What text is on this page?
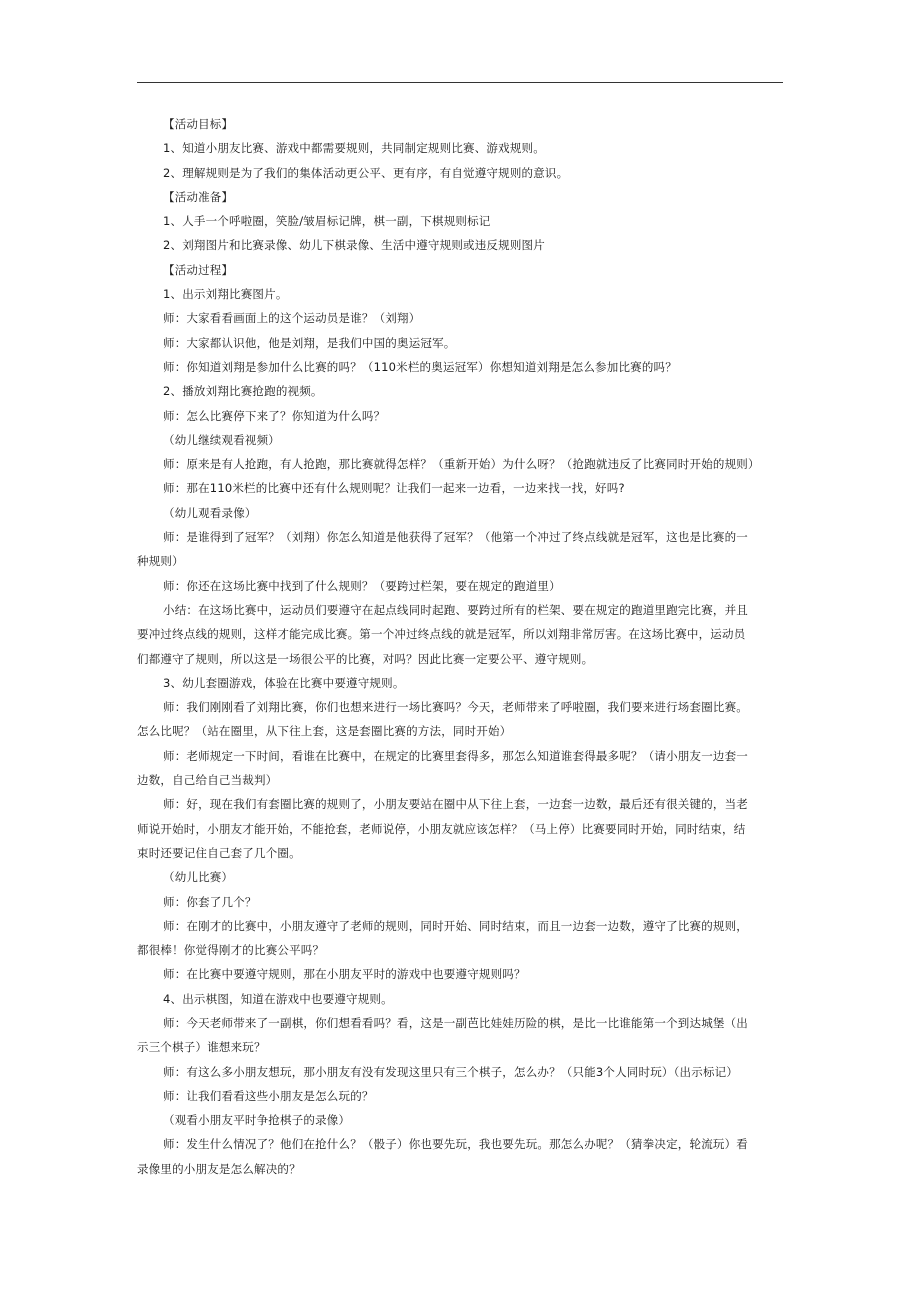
【活动目标】
1、知道小朋友比赛、游戏中都需要规则，共同制定规则比赛、游戏规则。
2、理解规则是为了我们的集体活动更公平、更有序，有自觉遵守规则的意识。
【活动准备】
1、人手一个呼啦圈，笑脸/皱眉标记牌，棋一副，下棋规则标记
2、刘翔图片和比赛录像、幼儿下棋录像、生活中遵守规则或违反规则图片
【活动过程】
1、出示刘翔比赛图片。
师：大家看看画面上的这个运动员是谁？（刘翔）
师：大家都认识他，他是刘翔，是我们中国的奥运冠军。
师：你知道刘翔是参加什么比赛的吗？（110米栏的奥运冠军）你想知道刘翔是怎么参加比赛的吗？
2、播放刘翔比赛抢跑的视频。
师：怎么比赛停下来了？你知道为什么吗？
（幼儿继续观看视频）
师：原来是有人抢跑，有人抢跑，那比赛就得怎样？（重新开始）为什么呀？（抢跑就违反了比赛同时开始的规则）
师：那在110米栏的比赛中还有什么规则呢？让我们一起来一边看，一边来找一找，好吗?
（幼儿观看录像）
师：是谁得到了冠军？（刘翔）你怎么知道是他获得了冠军？（他第一个冲过了终点线就是冠军，这也是比赛的一
种规则）
师：你还在这场比赛中找到了什么规则？（要跨过栏架，要在规定的跑道里）
小结：在这场比赛中，运动员们要遵守在起点线同时起跑、要跨过所有的栏架、要在规定的跑道里跑完比赛，并且
要冲过终点线的规则，这样才能完成比赛。第一个冲过终点线的就是冠军，所以刘翔非常厉害。在这场比赛中，运动员
们都遵守了规则，所以这是一场很公平的比赛，对吗？因此比赛一定要公平、遵守规则。
3、幼儿套圈游戏，体验在比赛中要遵守规则。
师：我们刚刚看了刘翔比赛，你们也想来进行一场比赛吗？今天，老师带来了呼啦圈，我们要来进行场套圈比赛。
怎么比呢？（站在圈里，从下往上套，这是套圈比赛的方法，同时开始）
师：老师规定一下时间，看谁在比赛中，在规定的比赛里套得多，那怎么知道谁套得最多呢？（请小朋友一边套一
边数，自己给自己当裁判）
师：好，现在我们有套圈比赛的规则了，小朋友要站在圈中从下往上套，一边套一边数，最后还有很关键的，当老
师说开始时，小朋友才能开始，不能抢套，老师说停，小朋友就应该怎样？（马上停）比赛要同时开始，同时结束，结
束时还要记住自己套了几个圈。
（幼儿比赛）
师：你套了几个？
师：在刚才的比赛中，小朋友遵守了老师的规则，同时开始、同时结束，而且一边套一边数，遵守了比赛的规则，
都很棒！你觉得刚才的比赛公平吗？
师：在比赛中要遵守规则，那在小朋友平时的游戏中也要遵守规则吗？
4、出示棋图，知道在游戏中也要遵守规则。
师：今天老师带来了一副棋，你们想看看吗？看，这是一副芭比娃娃历险的棋，是比一比谁能第一个到达城堡（出
示三个棋子）谁想来玩？
师：有这么多小朋友想玩，那小朋友有没有发现这里只有三个棋子，怎么办？（只能3个人同时玩）（出示标记）
师：让我们看看这些小朋友是怎么玩的？
（观看小朋友平时争抢棋子的录像）
师：发生什么情况了？他们在抢什么？（骰子）你也要先玩，我也要先玩。那怎么办呢？（猜拳决定，轮流玩）看
录像里的小朋友是怎么解决的？
